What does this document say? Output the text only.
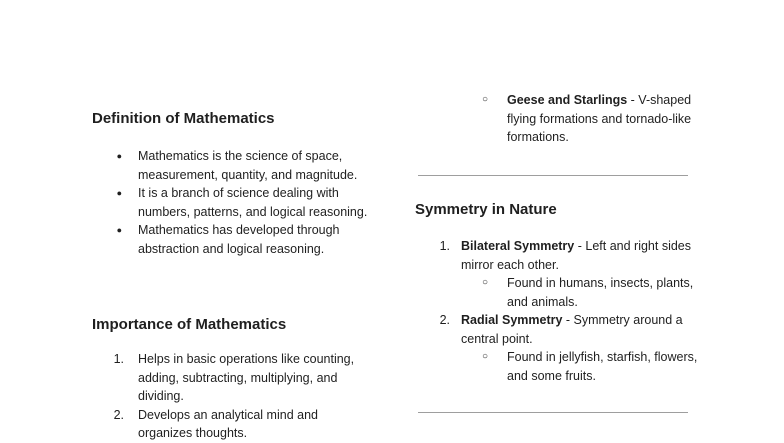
Definition of Mathematics
● Mathematics is the science of space, measurement, quantity, and magnitude.
● It is a branch of science dealing with numbers, patterns, and logical reasoning.
● Mathematics has developed through abstraction and logical reasoning.
Importance of Mathematics
1. Helps in basic operations like counting, adding, subtracting, multiplying, and dividing.
2. Develops an analytical mind and organizes thoughts.
○	Geese and Starlings - V-shaped flying formations and tornado-like formations.
Symmetry in Nature
1. Bilateral Symmetry - Left and right sides mirror each other.
○	Found in humans, insects, plants, and animals.
2. Radial Symmetry - Symmetry around a central point.
○	Found in jellyfish, starfish, flowers, and some fruits.
